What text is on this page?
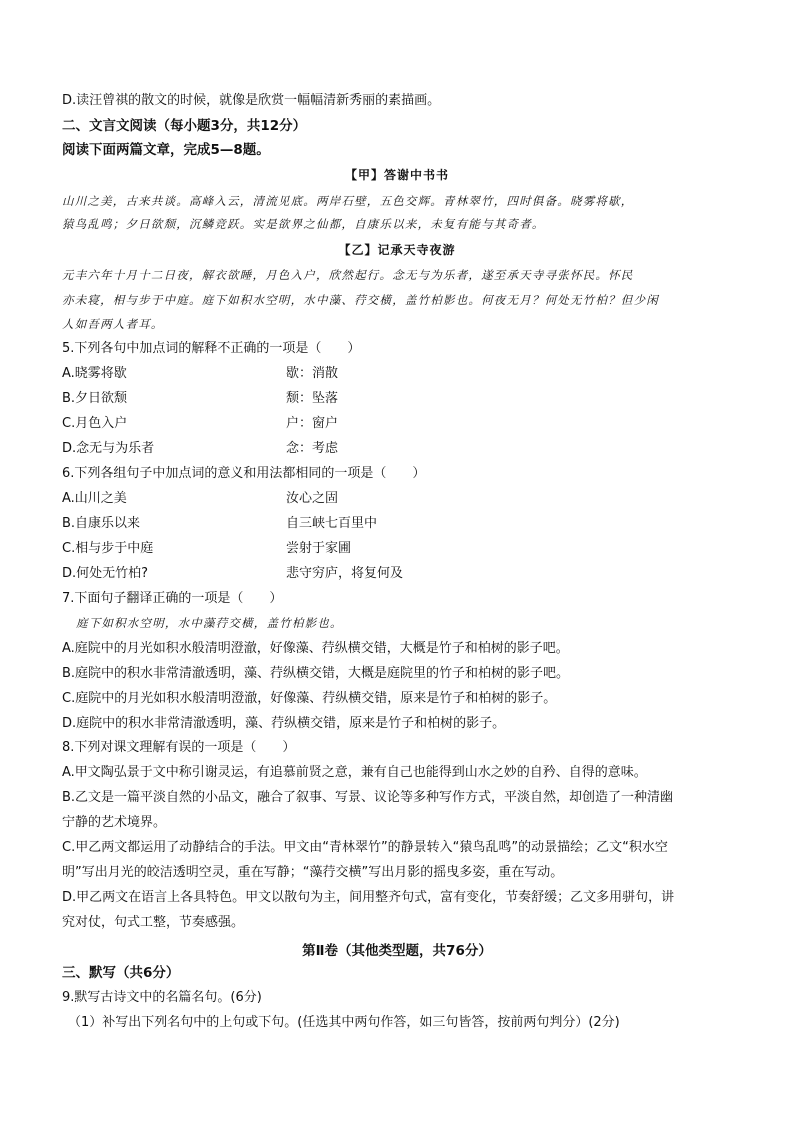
D.读汪曾祺的散文的时候，就像是欣赏一幅幅清新秀丽的素描画。
二、文言文阅读（每小题3分，共12分）
阅读下面两篇文章，完成5—8题。
【甲】答谢中书书
山川之美，古来共谈。高峰入云，清流见底。两岸石壁，五色交辉。青林翠竹，四时俱备。晓雾将歇，
猿鸟乱鸣；夕日欲颓，沉鳞竞跃。实是欲界之仙都，自康乐以来，未复有能与其奇者。
【乙】记承天寺夜游
元丰六年十月十二日夜，解衣欲睡，月色入户，欣然起行。念无与为乐者，遂至承天寺寻张怀民。怀民
亦未寝，相与步于中庭。庭下如积水空明，水中藻、荇交横，盖竹柏影也。何夜无月？何处无竹柏？但少闲
人如吾两人者耳。
5.下列各句中加点词的解释不正确的一项是（　　）
A.晓雾将歇	歇：消散
B.夕日欲颓	颓：坠落
C.月色入户	户：窗户
D.念无与为乐者	念：考虑
6.下列各组句子中加点词的意义和用法都相同的一项是（　　）
A.山川之美	汝心之固
B.自康乐以来	自三峡七百里中
C.相与步于中庭	尝射于家圃
D.何处无竹柏?	悲守穷庐，将复何及
7.下面句子翻译正确的一项是（　　）
庭下如积水空明，水中藻荇交横，盖竹柏影也。
A.庭院中的月光如积水般清明澄澈，好像藻、荇纵横交错，大概是竹子和柏树的影子吧。
B.庭院中的积水非常清澈透明，藻、荇纵横交错，大概是庭院里的竹子和柏树的影子吧。
C.庭院中的月光如积水般清明澄澈，好像藻、荇纵横交错，原来是竹子和柏树的影子。
D.庭院中的积水非常清澈透明，藻、荇纵横交错，原来是竹子和柏树的影子。
8.下列对课文理解有误的一项是（　　）
A.甲文陶弘景于文中称引谢灵运，有追慕前贤之意，兼有自己也能得到山水之妙的自矜、自得的意味。
B.乙文是一篇平淡自然的小品文，融合了叙事、写景、议论等多种写作方式，平淡自然，却创造了一种清幽
宁静的艺术境界。
C.甲乙两文都运用了动静结合的手法。甲文由“青林翠竹”的静景转入“猿鸟乱鸣”的动景描绘；乙文“积水空
明”写出月光的皎洁透明空灵，重在写静；“藻荇交横”写出月影的摇曳多姿，重在写动。
D.甲乙两文在语言上各具特色。甲文以散句为主，间用整齐句式，富有变化，节奏舒缓；乙文多用骈句，讲
究对仗，句式工整，节奏感强。
第Ⅱ卷（其他类型题，共76分）
三、默写（共6分）
9.默写古诗文中的名篇名句。(6分)
（1）补写出下列名句中的上句或下句。(任选其中两句作答，如三句皆答，按前两句判分）(2分)
